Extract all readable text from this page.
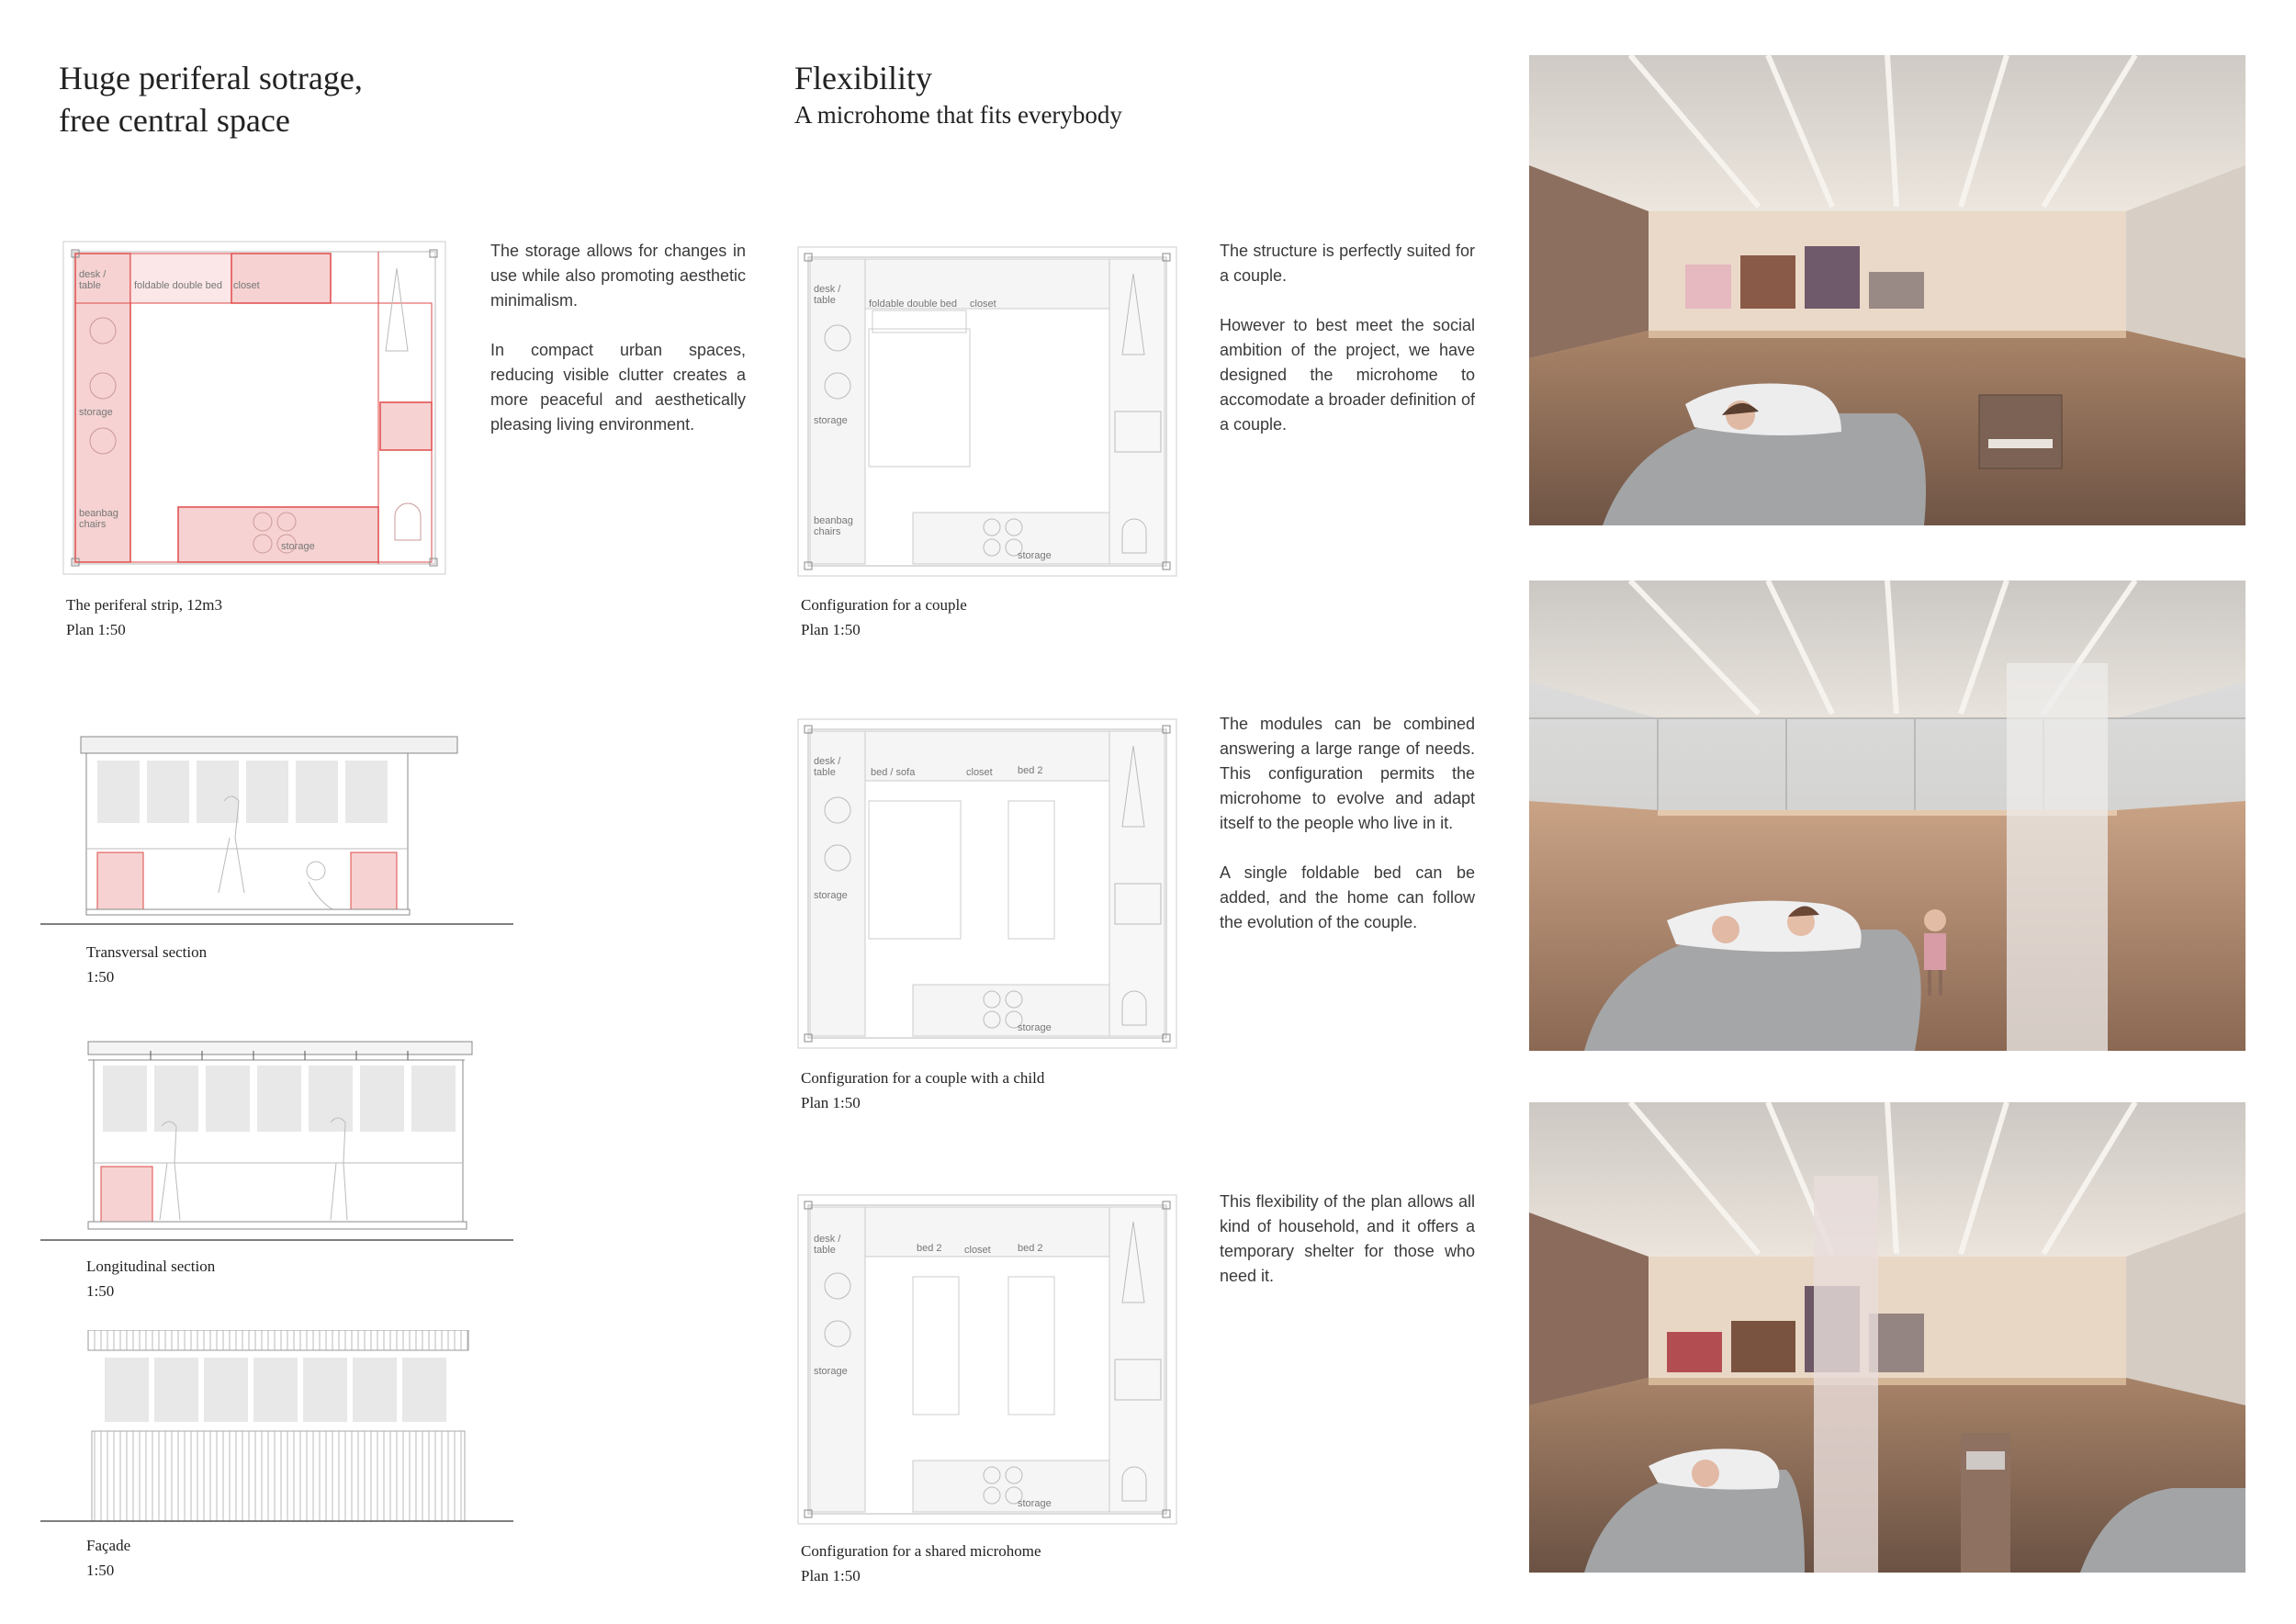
Huge periferal sotrage,
free central space
desk /
table	foldable double bed closet
storage
beanbag
chairs
storage

The storage allows for changes in use while also promoting aesthetic minimalism.

In compact urban spaces, reducing visible clutter creates a more peaceful and aesthetically pleasing living environment.

The periferal strip, 12m3
Plan 1:50
Transversal section
1:50
Longitudinal section
1:50
Façade
1:50
Flexibility
A microhome that fits everybody
desk /
table	foldable double bed closet
storage
beanbag
chairs
storage
Configuration for a couple
Plan 1:50

The structure is perfectly suited for a couple.

However to best meet the social ambition of the project, we have designed the microhome to accomodate a broader definition of a couple.

desk /
table	bed / sofa	closet bed 2
storage
storage
Configuration for a couple with a child
Plan 1:50

The modules can be combined answering a large range of needs. This configuration permits the microhome to evolve and adapt itself to the people who live in it.

A single foldable bed can be added, and the home can follow the evolution of the couple.

desk /
table	bed 2 closet	bed 2
storage
storage
Configuration for a shared microhome
Plan 1:50

This flexibility of the plan allows all kind of household, and it offers a temporary shelter for those who need it.
